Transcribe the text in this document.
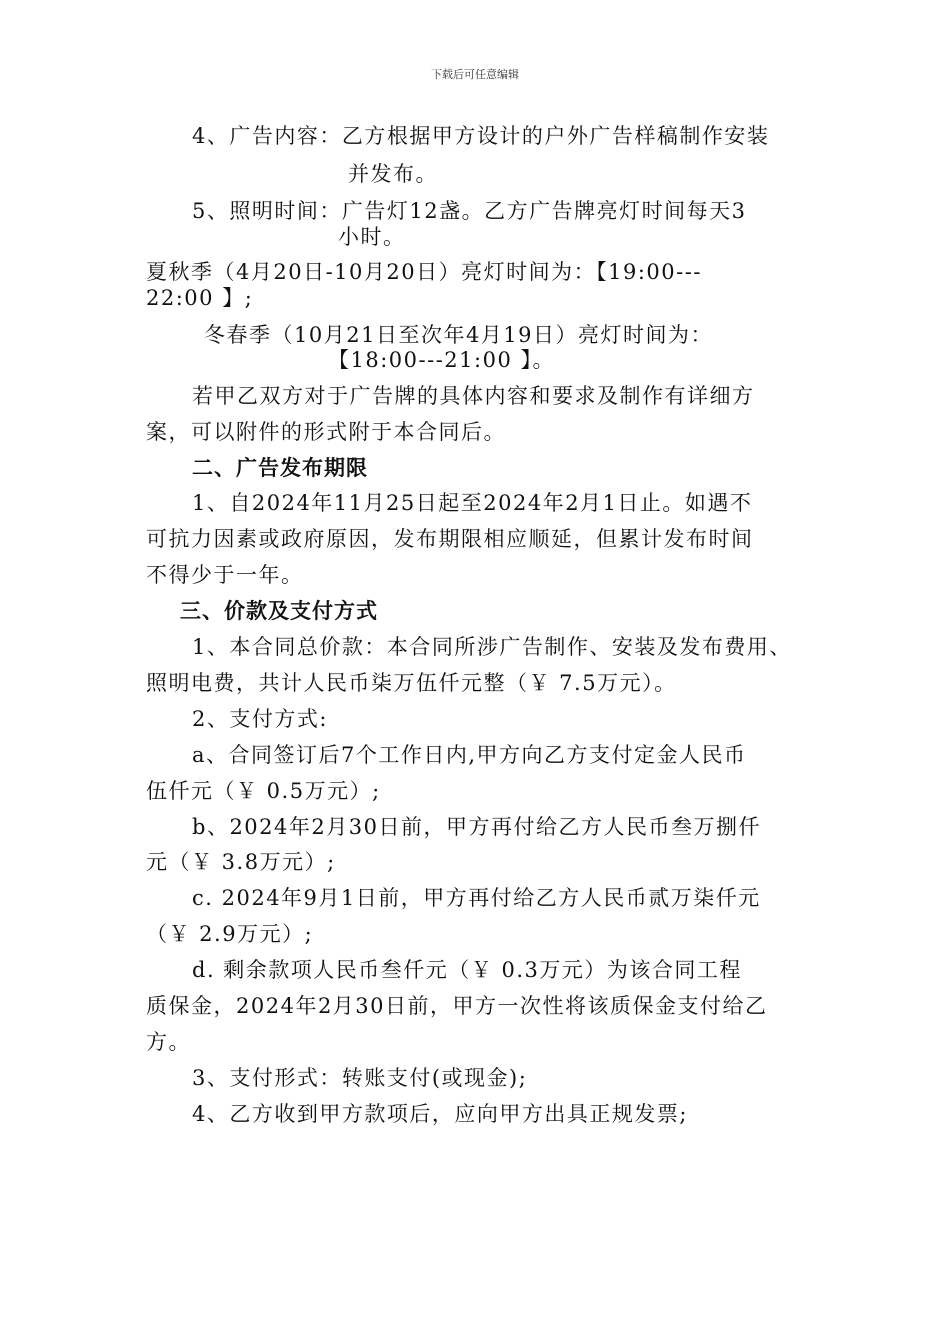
下载后可任意编辑
4、广告内容：乙方根据甲方设计的户外广告样稿制作安装
并发布。
5、照明时间：广告灯12盏。乙方广告牌亮灯时间每天3
小时。
夏秋季（4月20日-10月20日）亮灯时间为：【19:00---
22:00 】;
冬春季（10月21日至次年4月19日）亮灯时间为：
【18:00---21:00 】。
若甲乙双方对于广告牌的具体内容和要求及制作有详细方
案，可以附件的形式附于本合同后。
二、广告发布期限
1、自2024年11月25日起至2024年2月1日止。如遇不
可抗力因素或政府原因，发布期限相应顺延，但累计发布时间
不得少于一年。
三、价款及支付方式
1、本合同总价款：本合同所涉广告制作、安装及发布费用、
照明电费，共计人民币柒万伍仟元整（￥ 7.5万元）。
2、支付方式:
a、合同签订后7个工作日内,甲方向乙方支付定金人民币
伍仟元（￥ 0.5万元）;
b、2024年2月30日前，甲方再付给乙方人民币叁万捌仟
元（￥ 3.8万元）;
c. 2024年9月1日前，甲方再付给乙方人民币贰万柒仟元
（￥ 2.9万元）;
d. 剩余款项人民币叁仟元（￥ 0.3万元）为该合同工程
质保金，2024年2月30日前，甲方一次性将该质保金支付给乙
方。
3、支付形式：转账支付(或现金);
4、乙方收到甲方款项后，应向甲方出具正规发票;
